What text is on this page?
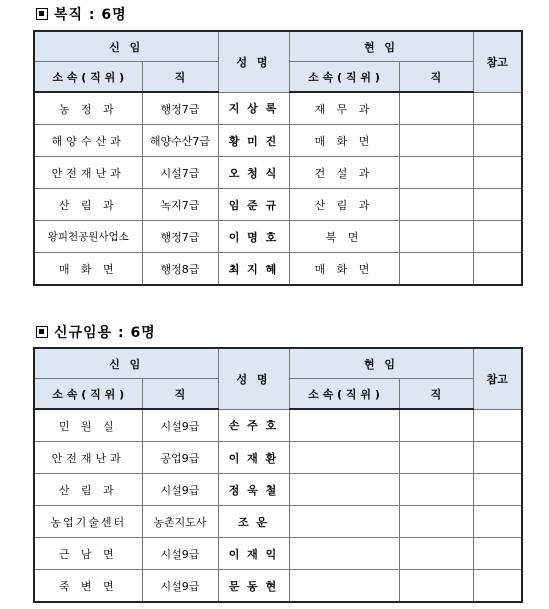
복직 : 6명
신 임		성 명	현 임		참고
소 속 ( 직 위 )	직		소 속 ( 직 위 )	직	
농 정 과	행정7급	지 상 록	재 무 과		
해양수산과	해양수산7급	황 미 진	매 화 면		
안전재난과	시설7급	오 청 식	건 설 과		
산 림 과	녹지7급	임 준 규	산 림 과		
왕피천공원사업소	행정7급	이 명 호	북 면		
매 화 면	행정8급	최 지 혜	매 화 면		
신규임용 : 6명
신 임		성 명	현 임		참고
소 속 ( 직 위 )	직		소 속 ( 직 위 )	직	
민 원 실	시설9급	손 주 호			
안전재난과	공업9급	이 재 환			
산 림 과	시설9급	정 욱 철			
농업기술센터	농촌지도사	조 운			
근 남 면	시설9급	이 재 익			
죽 변 면	시설9급	문 동 현			
